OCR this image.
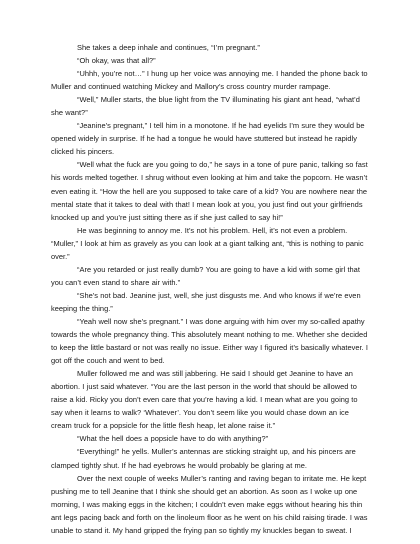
She takes a deep inhale and continues, “I’m pregnant.”

“Oh okay, was that all?”

“Uhhh, you’re not…” I hung up her voice was annoying me. I handed the phone back to Muller and continued watching Mickey and Mallory’s cross country murder rampage.

“Well,” Muller starts, the blue light from the TV illuminating his giant ant head, “what’d she want?”

“Jeanine’s pregnant,” I tell him in a monotone. If he had eyelids I’m sure they would be opened widely in surprise. If he had a tongue he would have stuttered but instead he rapidly clicked his pincers.

“Well what the fuck are you going to do,” he says in a tone of pure panic, talking so fast his words melted together. I shrug without even looking at him and take the popcorn. He wasn’t even eating it. “How the hell are you supposed to take care of a kid? You are nowhere near the mental state that it takes to deal with that! I mean look at you, you just find out your girlfriends knocked up and you’re just sitting there as if she just called to say hi!”

He was beginning to annoy me. It’s not his problem. Hell, it’s not even a problem. “Muller,” I look at him as gravely as you can look at a giant talking ant, “this is nothing to panic over.”

“Are you retarded or just really dumb? You are going to have a kid with some girl that you can’t even stand to share air with.”

“She’s not bad. Jeanine just, well, she just disgusts me. And who knows if we’re even keeping the thing.”

“Yeah well now she’s pregnant.” I was done arguing with him over my so-called apathy towards the whole pregnancy thing. This absolutely meant nothing to me. Whether she decided to keep the little bastard or not was really no issue. Either way I figured it’s basically whatever. I got off the couch and went to bed.

Muller followed me and was still jabbering. He said I should get Jeanine to have an abortion. I just said whatever. “You are the last person in the world that should be allowed to raise a kid. Ricky you don’t even care that you’re having a kid. I mean what are you going to say when it learns to walk? ‘Whatever’. You don’t seem like you would chase down an ice cream truck for a popsicle for the little flesh heap, let alone raise it.”

“What the hell does a popsicle have to do with anything?”

“Everything!” he yells. Muller’s antennas are sticking straight up, and his pincers are clamped tightly shut. If he had eyebrows he would probably be glaring at me.

Over the next couple of weeks Muller’s ranting and raving began to irritate me. He kept pushing me to tell Jeanine that I think she should get an abortion. As soon as I woke up one morning, I was making eggs in the kitchen; I couldn’t even make eggs without hearing his thin ant legs pacing back and forth on the linoleum floor as he went on his child raising tirade. I was unable to stand it. My hand gripped the frying pan so tightly my knuckles began to sweat. I
